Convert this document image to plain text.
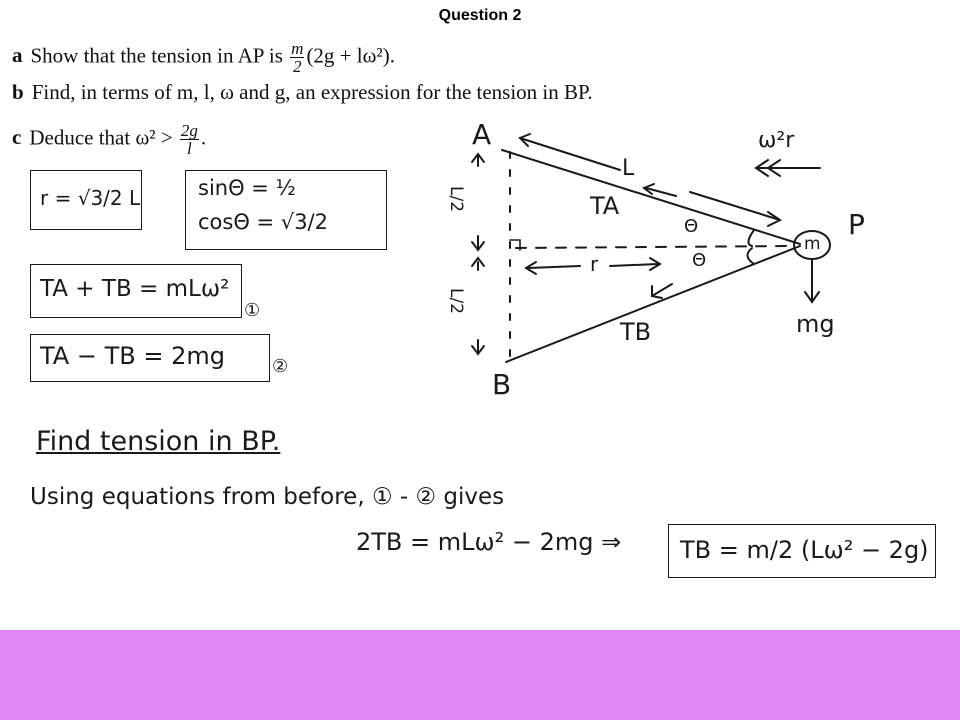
Question 2
a Show that the tension in AP is $\frac{m}{2} (2g + l\omega^2)$.
b Find, in terms of m, l, ω and g, an expression for the tension in BP.
c Deduce that $\omega^2 > \frac{2g}{l}$ .
r = √3/2 L	sinΘ = ½
cosΘ = √3/2
TA + TB = mLω²
①
TA − TB = 2mg	②
A
B
P
m
mg
TA
TB
L
r
Θ
Θ
L/2
L/2
ω²r
Find tension in BP.
Using equations from before, ① - ② gives
2TB = mLω² − 2mg ⇒ TB = m/2 (Lω² − 2g)
